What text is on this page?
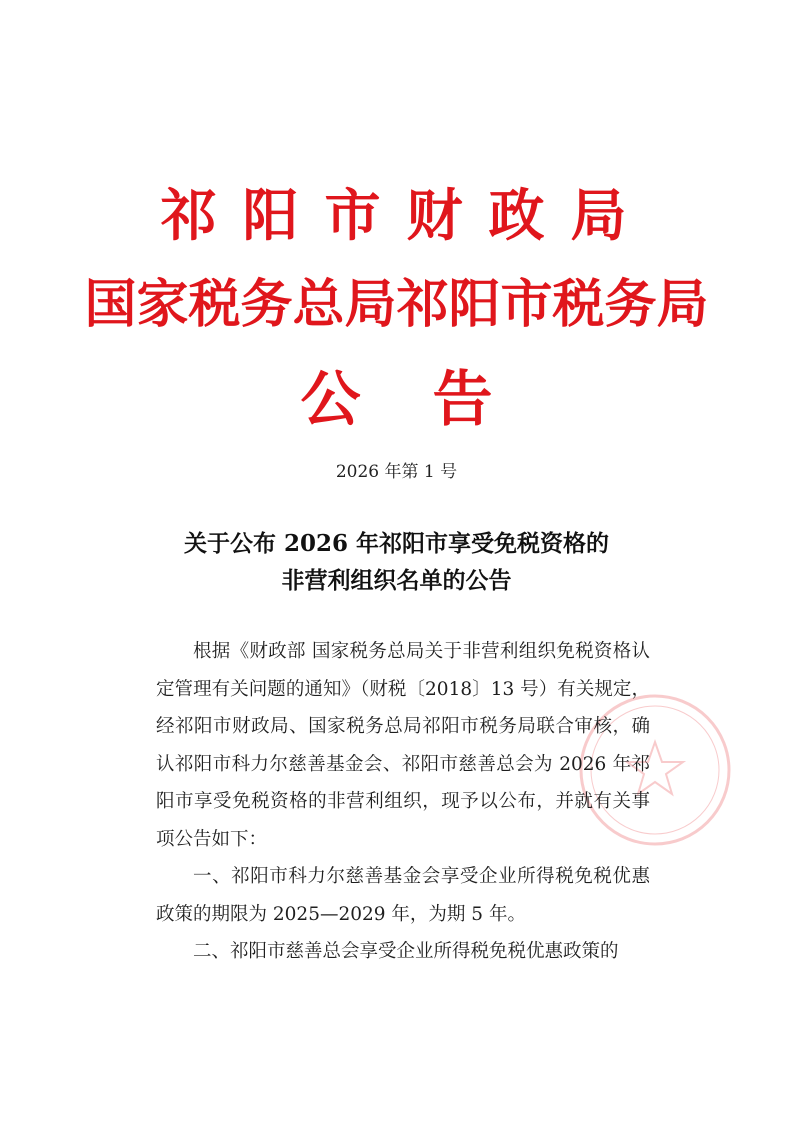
祁阳市财政局
国家税务总局祁阳市税务局
公告
2026 年第 1 号
关于公布 2026 年祁阳市享受免税资格的
非营利组织名单的公告

根据《财政部 国家税务总局关于非营利组织免税资格认定管理有关问题的通知》（财税〔2018〕13 号）有关规定，经祁阳市财政局、国家税务总局祁阳市税务局联合审核，确认祁阳市科力尔慈善基金会、祁阳市慈善总会为 2026 年祁阳市享受免税资格的非营利组织，现予以公布，并就有关事项公告如下：

一、祁阳市科力尔慈善基金会享受企业所得税免税优惠政策的期限为 2025—2029 年，为期 5 年。

二、祁阳市慈善总会享受企业所得税免税优惠政策的
